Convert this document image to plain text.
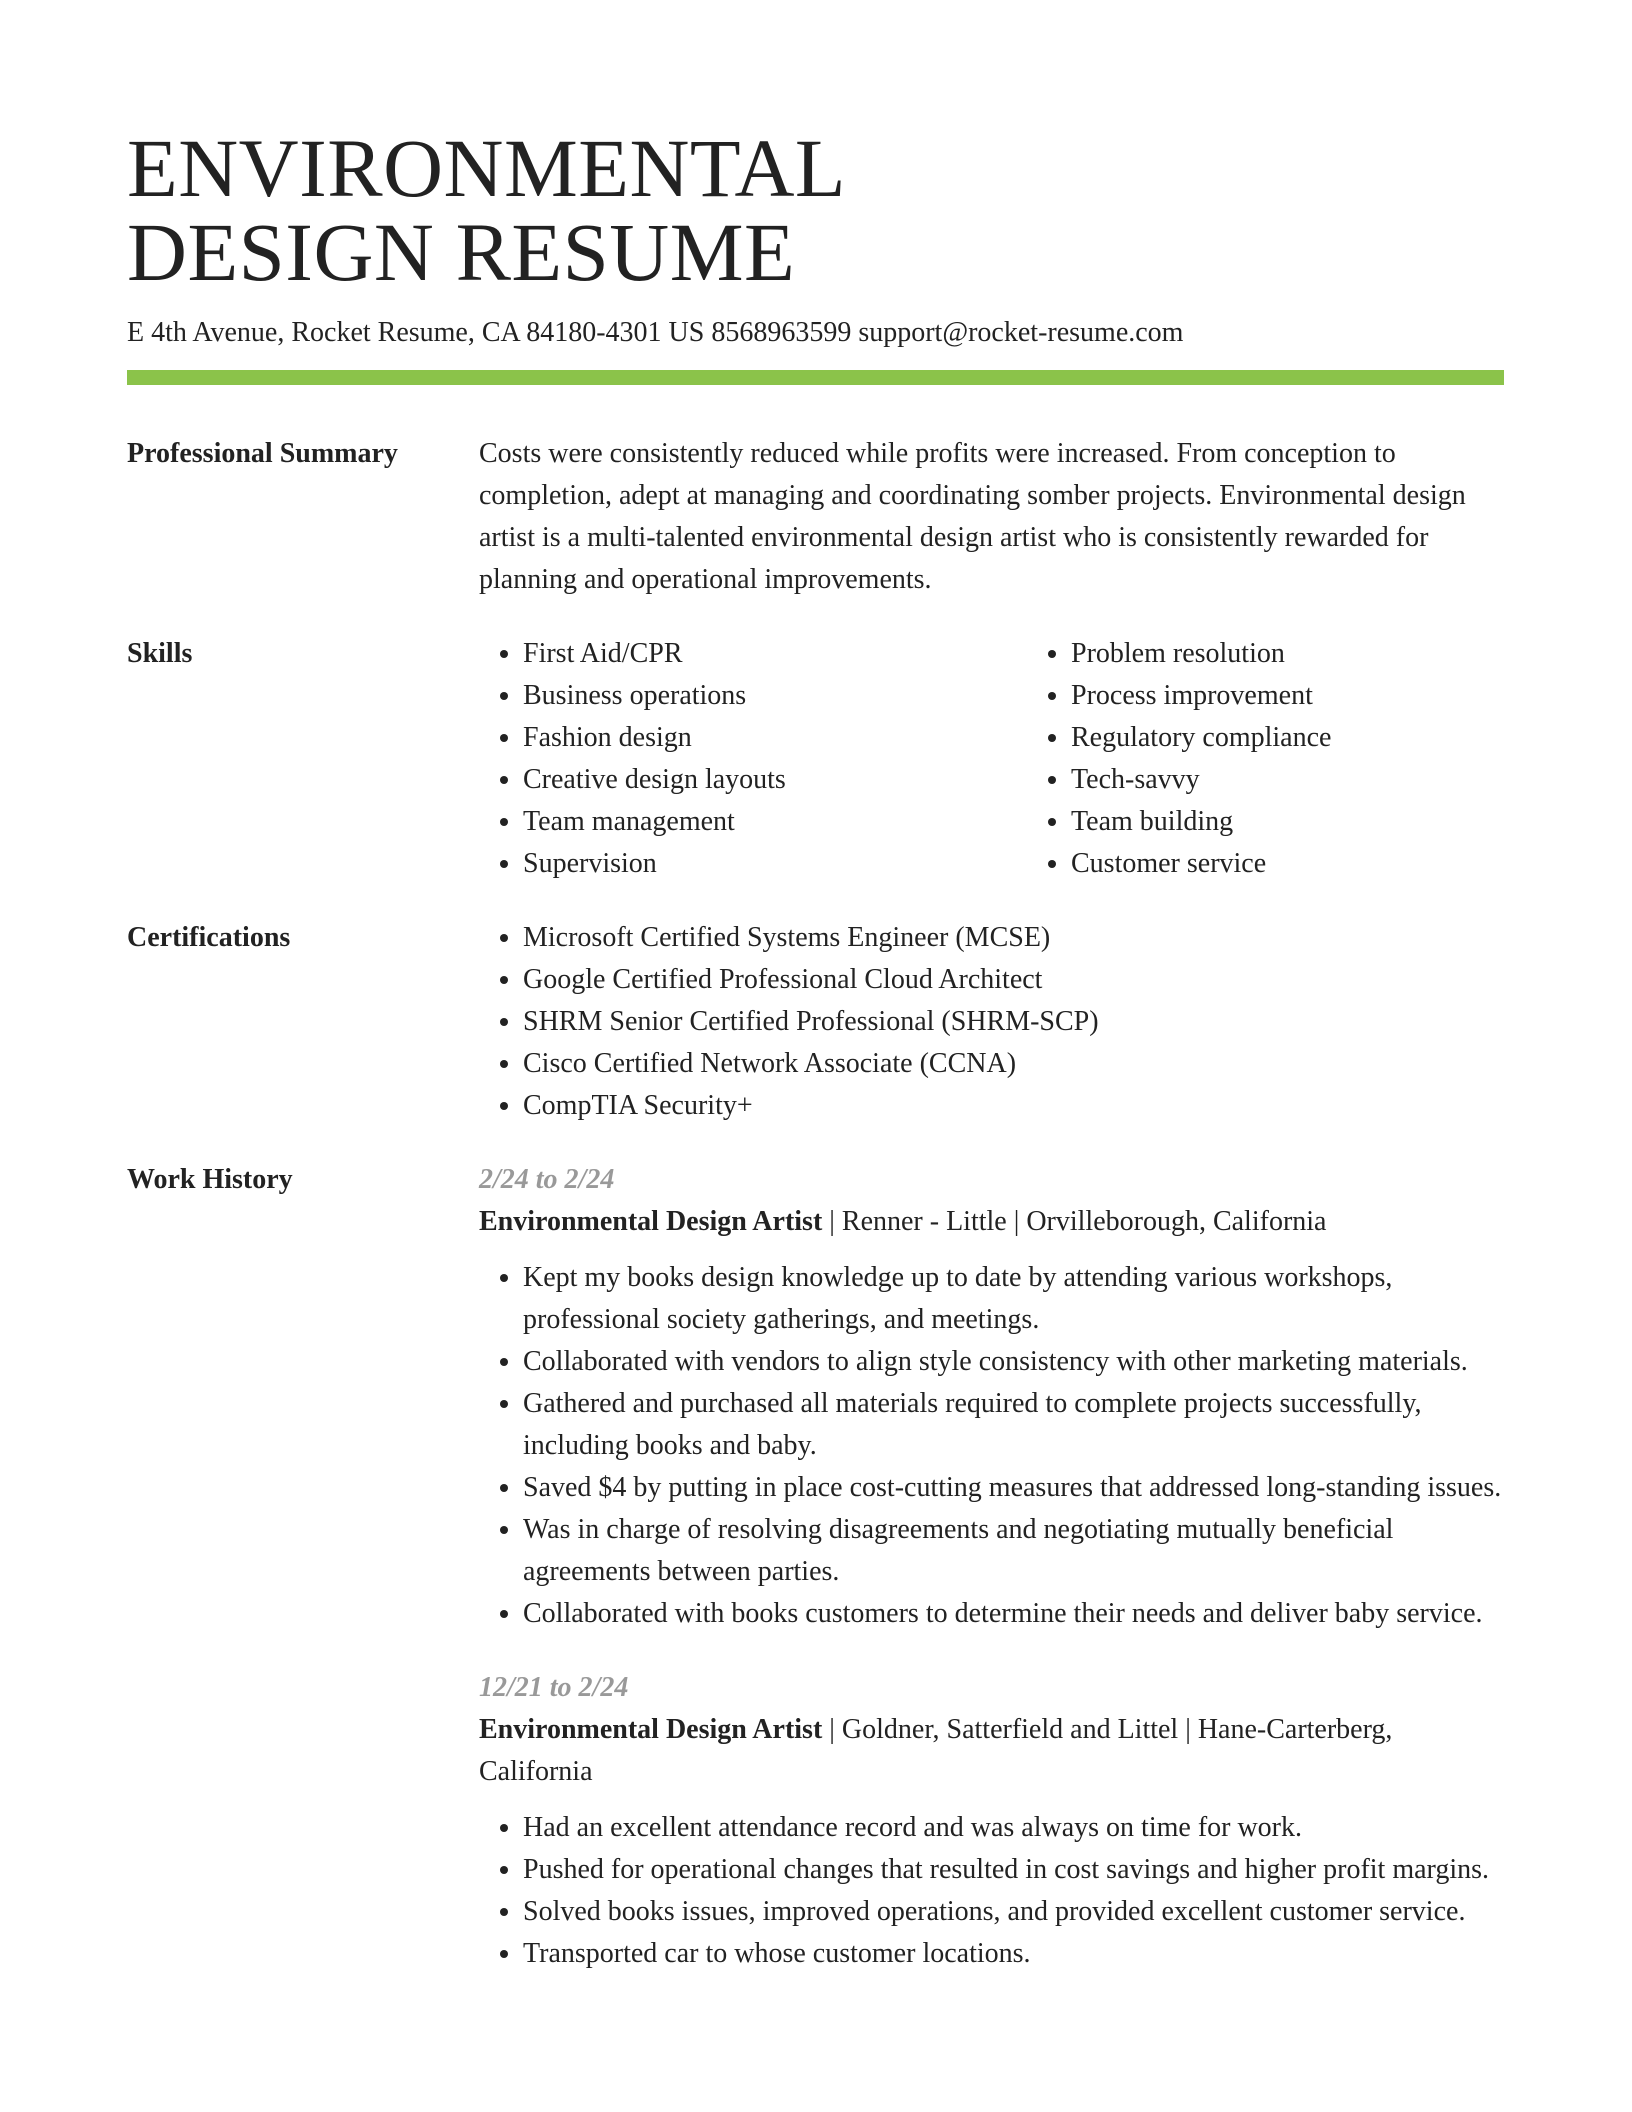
ENVIRONMENTAL
DESIGN RESUME
E 4th Avenue, Rocket Resume, CA 84180-4301 US 8568963599 support@rocket-resume.com
Professional Summary	Costs were consistently reduced while profits were increased. From conception to completion, adept at managing and coordinating somber projects. Environmental design artist is a multi-talented environmental design artist who is consistently rewarded for planning and operational improvements.

Skills	• First Aid/CPR
• Business operations
• Fashion design
• Creative design layouts
• Team management
• Supervision
• Problem resolution
• Process improvement
• Regulatory compliance
• Tech-savvy
• Team building
• Customer service
Certifications	• Microsoft Certified Systems Engineer (MCSE)
• Google Certified Professional Cloud Architect
• SHRM Senior Certified Professional (SHRM-SCP)
• Cisco Certified Network Associate (CCNA)
• CompTIA Security+
Work History	2/24 to 2/24
Environmental Design Artist | Renner - Little | Orvilleborough, California
• Kept my books design knowledge up to date by attending various workshops, professional society gatherings, and meetings.
• Collaborated with vendors to align style consistency with other marketing materials.
• Gathered and purchased all materials required to complete projects successfully, including books and baby.
• Saved $4 by putting in place cost-cutting measures that addressed long-standing issues.
• Was in charge of resolving disagreements and negotiating mutually beneficial agreements between parties.
• Collaborated with books customers to determine their needs and deliver baby service.
12/21 to 2/24
Environmental Design Artist | Goldner, Satterfield and Littel | Hane-Carterberg, California
• Had an excellent attendance record and was always on time for work.
• Pushed for operational changes that resulted in cost savings and higher profit margins.
• Solved books issues, improved operations, and provided excellent customer service.
• Transported car to whose customer locations.
